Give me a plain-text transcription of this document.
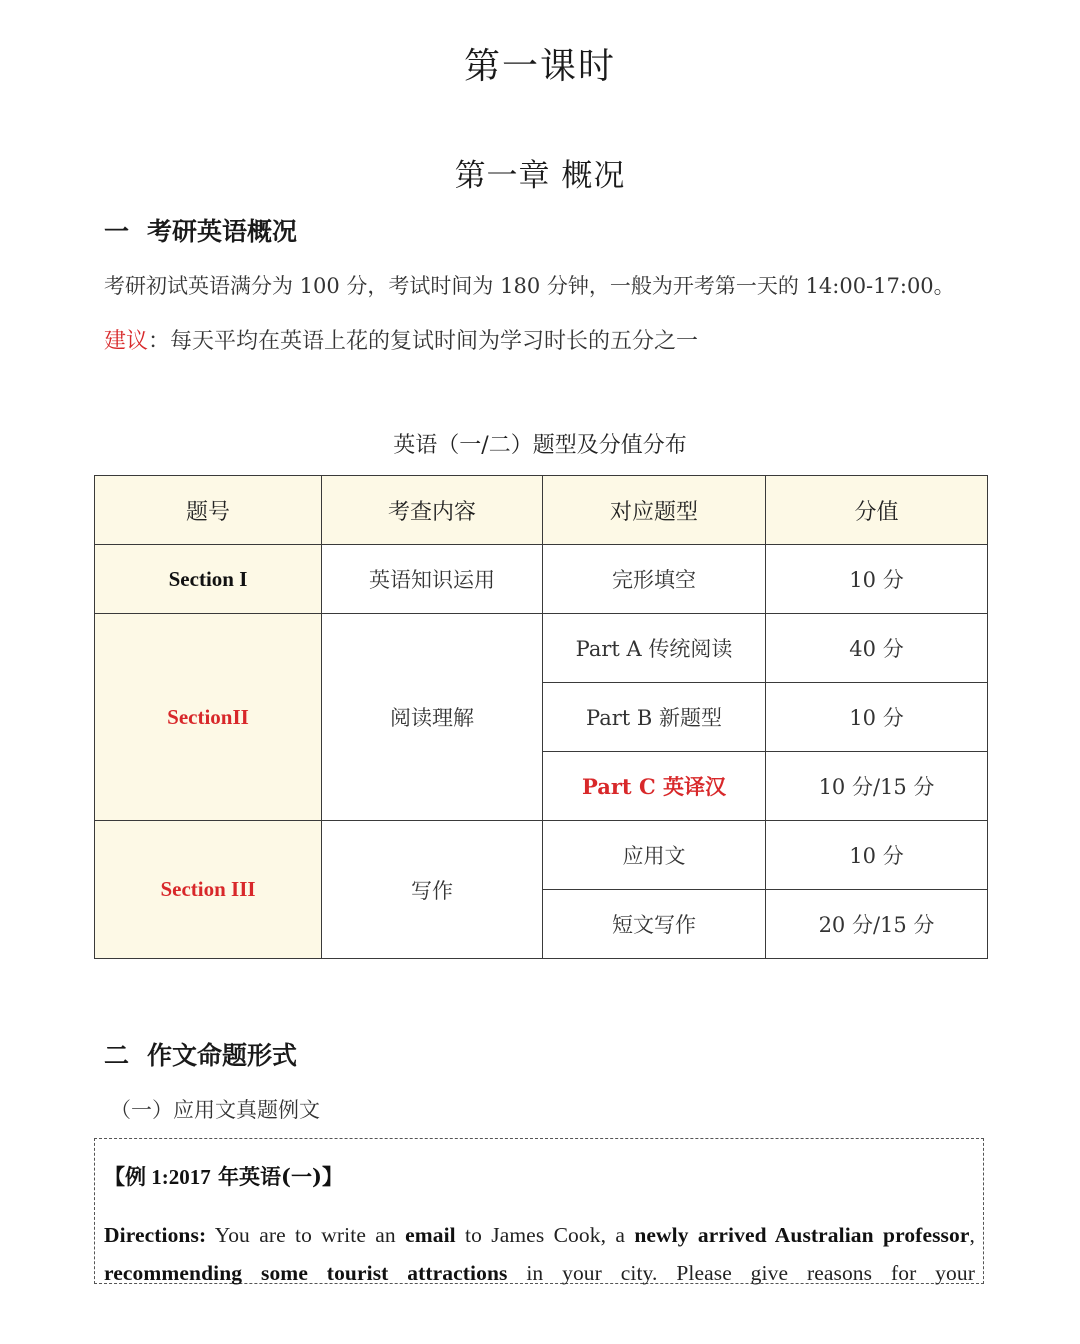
第一课时
第一章 概况
一 考研英语概况
考研初试英语满分为 100 分，考试时间为 180 分钟，一般为开考第一天的 14:00-17:00。
建议：每天平均在英语上花的复试时间为学习时长的五分之一
英语（一/二）题型及分值分布
题号	考查内容	对应题型	分值
Section I	英语知识运用	完形填空	10 分
SectionII	阅读理解	Part A 传统阅读	40 分
		Part B 新题型	10 分
		Part C 英译汉	10 分/15 分
Section III	写作	应用文	10 分
		短文写作	20 分/15 分
二 作文命题形式
（一）应用文真题例文
【例 1:2017 年英语(一)】
Directions: You are to write an email to James Cook, a newly arrived Australian professor, recommending some tourist attractions in your city. Please give reasons for your
